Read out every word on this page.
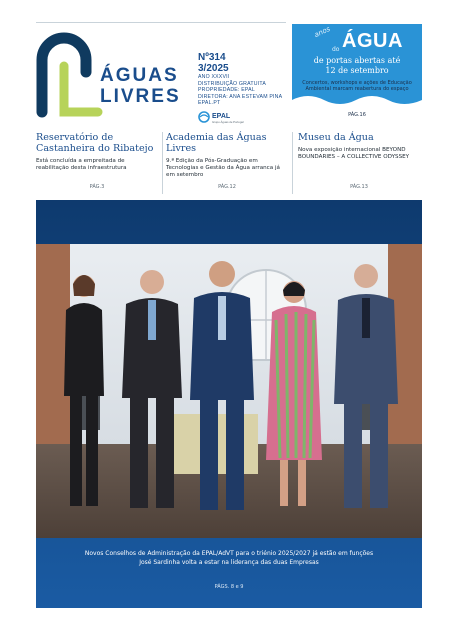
ÁGUAS
LIVRES
Nº314
3/2025
ANO XXXVII
DISTRIBUIÇÃO GRATUITA
PROPRIEDADE: EPAL
DIRETORA: ANA ESTEVAM PINA
EPAL.PT
EPAL
Grupo Águas de Portugal
anos
do ÁGUA
de portas abertas até
12 de setembro
Concertos, workshops e ações de Educação Ambiental marcam reabertura do espaço
PÁG.16
Reservatório de Castanheira do Ribatejo

Está concluída a empreitada de reabilitação desta infraestrutura

PÁG.3
Academia das Águas Livres

9.ª Edição da Pós-Graduação em Tecnologias e Gestão da Água arranca já em setembro

PÁG.12
Museu da Água

Nova exposição internacional BEYOND BOUNDARIES – A COLLECTIVE ODYSSEY

PÁG.13
Novos Conselhos de Administração da EPAL/AdVT para o triénio 2025/2027 já estão em funções
José Sardinha volta a estar na liderança das duas Empresas
PÁGS. 8 e 9
